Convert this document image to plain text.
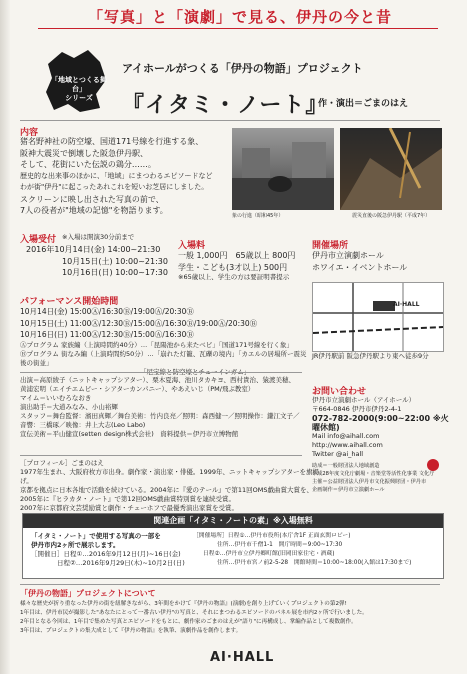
「写真」と「演劇」で見る、伊丹の今と昔
「地域とつくる舞台」
シリーズ
アイホールがつくる「伊丹の物語」プロジェクト
『イタミ・ノート』
作・演出＝ごまのはえ
内容
猪名野神社の防空壕、国道171号線を行進する象、
阪神大震災で倒壊した阪急伊丹駅、
そして、花街にいた伝説の鶏分……。
歴史的な出来事のほかに、「地域」にまつわるエピソードなど
わが街"伊丹"に起こったあれこれを短いお芝居にしました。
スクリーンに映し出された写真の前で、
7人の役者が"地域の記憶"を物語ります。
象の行進（昭和45年）	震災直後の阪急伊丹駅（平成7年）
入場受付 ※入場は開演30分前まで
2016年10月14日(金) 14:00~21:30
10月15日(土) 10:00~21:30
10月16日(日) 10:00~17:30
入場料
一般 1,000円　65歳以上 800円
学生・こども(3才以上) 500円
※65歳以上、学生の方は要証明書提示
開催場所
伊丹市立演劇ホール
ホワイエ・イベントホール
パフォーマンス開始時間
10月14日(金) 15:00Ⓐ/16:30Ⓑ/19:00Ⓐ/20:30Ⓑ
10月15日(土) 11:00Ⓐ/12:30Ⓑ/15:00Ⓐ/16:30Ⓑ/19:00Ⓐ/20:30Ⓑ
10月16日(日) 11:00Ⓐ/12:30Ⓑ/15:00Ⓐ/16:30Ⓑ
Ⓐプログラム 家族編（上演時間約40分）…「昆陽池から来たベビ」「国道171号線を行く象」
Ⓑプログラム 街なみ編（上演時間約50分）…「崩れた灯籠、瓦礫の境内」「カエルの居場所ー震災後の街並」
AI·HALL
JR伊丹駅前 阪急伊丹駅より東へ徒歩9分
出演＝高原綾子（ニットキャップシアター）、栗木夏海、池川タカキヨ、西村貴治、猿渡美穂、
黄浦宏明（エイチエムピー・シアターカンパニー）、やあえいじ（PM/飛ぶ教室）
マイム＝いいむろなおき
演出助手＝大道みなみ、小山裕輝
スタッフ＝舞台監督：濱田真輝／舞台美術：竹内良亮／照明：森西健一／照明操作：鎌江文子／
音響：三橋琢／映像：井上大志(Leo Labo)
宣伝美術＝平山健宣(setten design株式会社)　資料提供＝伊丹市立博物館
お問い合わせ
伊丹市立演劇ホール（アイホール）
〒664-0846 伊丹市伊丹2-4-1
072-782-2000(9:00~22:00 ※火曜休館)
Mail info@aihall.com
http://www.aihall.com
Twitter @ai_hall
［プロフィール］ごまのはえ
1977年生まれ、大阪府枚方市出身。劇作家・演出家・俳優。1999年、ニットキャップシアターを旗揚げ。
京都を拠点に日本各地で活動を続けている。2004年に『愛のテール』で第11回OMS戯曲賞大賞を、
2005年に『ヒラカタ・ノート』で第12回OMS戯曲賞特別賞を連続受賞。
2007年に京都府文芸奨励賞と劇作・チェーホフで最優秀演出家賞を受賞。
助成＝一般財団法人地域創造
平成28年度文化庁劇場・音楽堂等活性化事業 文化庁
主催＝公益財団法人伊丹市文化振興財団・伊丹市
企画制作＝伊丹市立演劇ホール
関連企画「イタミ・ノートの素」※入場無料
「イタミ・ノート」で使用する写真の一部を
伊丹市内2ヶ所で展示します。
［開催日］日程①…2016年9月12日(月)~16日(金)
日程②…2016年9月29日(木)~10月2日(日)
［開催場所］日程①…伊丹市役所(本庁舎1F 正面玄関ロビー)
住所…伊丹市千僧1-1　開庁時間＝9:00~17:30
日程②…伊丹市立伊丹郷町館(旧岡田家住宅・酒蔵)
住所…伊丹市宮ノ前2-5-28　開館時間＝10:00~18:00(入館は17:30まで)
「伊丹の物語」プロジェクトについて
様々な歴史が折り重なった伊丹の街を紐解きながら、3年間をかけて『伊丹の物語』(演劇)を創り上げていくプロジェクトの第2弾!
1年目は、伊丹市民が撮影した"あなたにとって一番古い伊丹"の写真と、それにまつわるエピソードのパネル展を市内2ヶ所で行いました。
2年目となる今回は、1年目で集めた写真とエピソードをもとに、劇作家のごまのはえが"語り"に再構成し、掌編作品として複数創作。
3年目は、プロジェクトの集大成として『伊丹の物語』を執筆、演劇作品を創作します。
AI·HALL
